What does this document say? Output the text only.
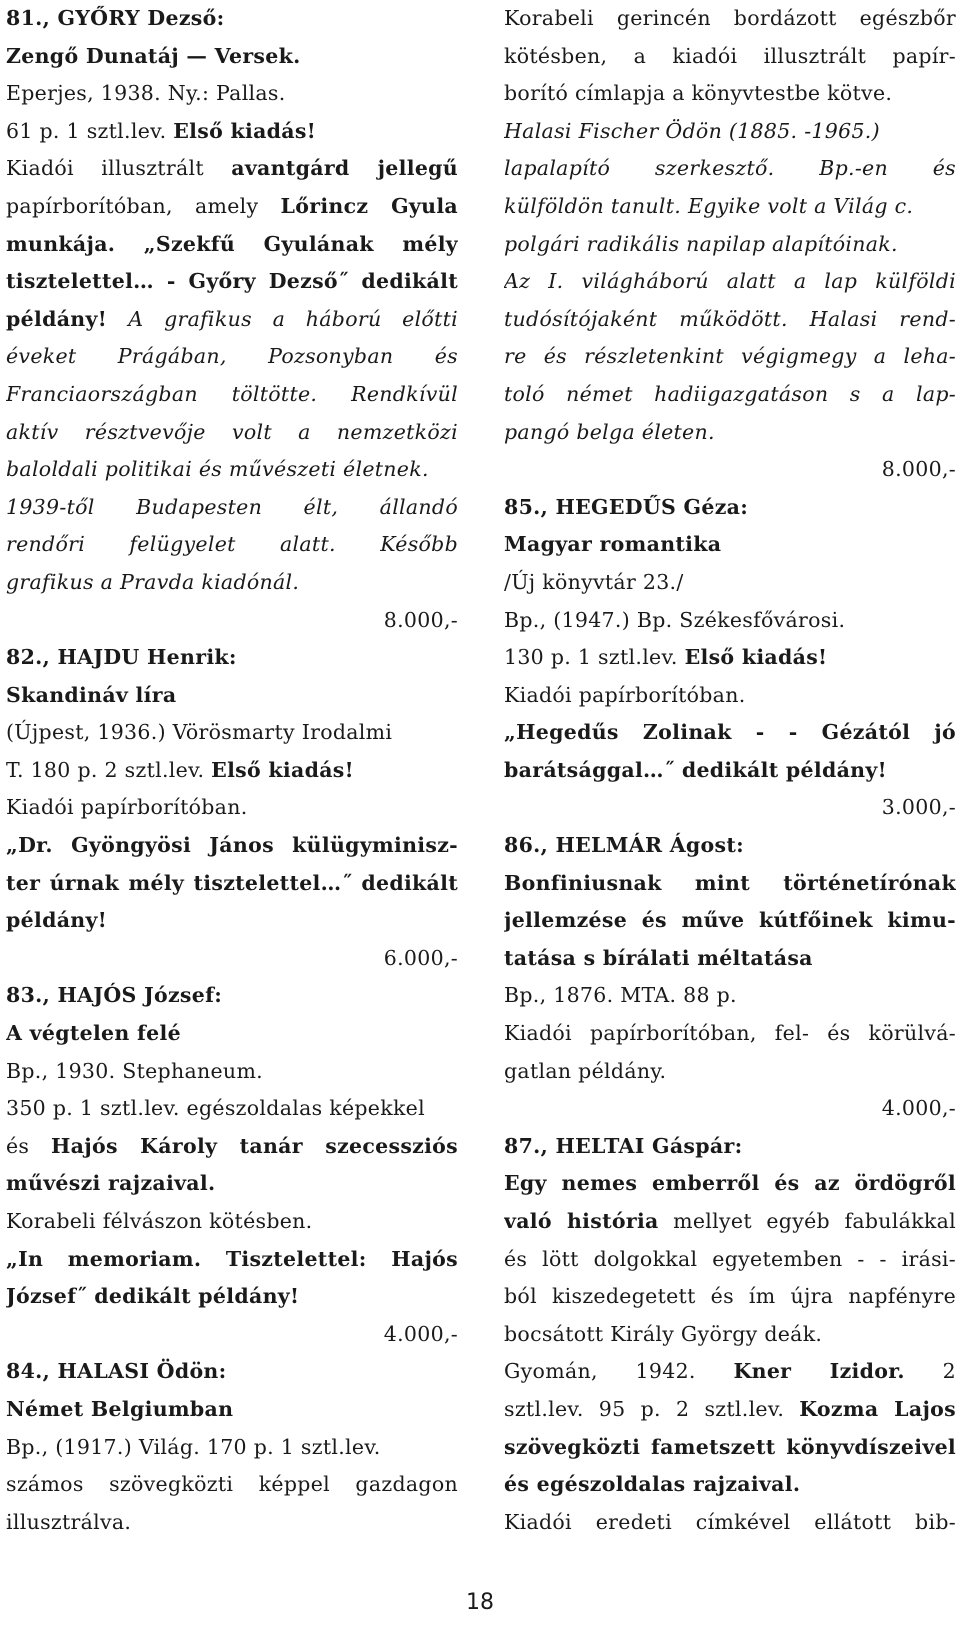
81., GYŐRY Dezső:
Zengő Dunatáj — Versek.
Eperjes, 1938. Ny.: Pallas.
61 p. 1 sztl.lev. Első kiadás!
Kiadói illusztrált avantgárd jellegű
papírborítóban, amely Lőrincz Gyula
munkája. „Szekfű Gyulának mély
tisztelettel… - Győry Dezső˝ dedikált
példány! A grafikus a háború előtti
éveket Prágában, Pozsonyban és
Franciaországban töltötte. Rendkívül
aktív résztvevője volt a nemzetközi
baloldali politikai és művészeti életnek.
1939-től Budapesten élt, állandó
rendőri felügyelet alatt. Később
grafikus a Pravda kiadónál.
8.000,-
82., HAJDU Henrik:
Skandináv líra
(Újpest, 1936.) Vörösmarty Irodalmi
T. 180 p. 2 sztl.lev. Első kiadás!
Kiadói papírborítóban.
„Dr. Gyöngyösi János külügyminisz-
ter úrnak mély tisztelettel…˝ dedikált
példány!
6.000,-
83., HAJÓS József:
A végtelen felé
Bp., 1930. Stephaneum.
350 p. 1 sztl.lev. egészoldalas képekkel
és Hajós Károly tanár szecessziós
művészi rajzaival.
Korabeli félvászon kötésben.
„In memoriam. Tisztelettel: Hajós
József˝ dedikált példány!
4.000,-
84., HALASI Ödön:
Német Belgiumban
Bp., (1917.) Világ. 170 p. 1 sztl.lev.
számos szövegközti képpel gazdagon
illusztrálva.
Korabeli gerincén bordázott egészbőr
kötésben, a kiadói illusztrált papír-
borító címlapja a könyvtestbe kötve.
Halasi Fischer Ödön (1885. -1965.)
lapalapító szerkesztő. Bp.-en és
külföldön tanult. Egyike volt a Világ c.
polgári radikális napilap alapítóinak.
Az I. világháború alatt a lap külföldi
tudósítójaként működött. Halasi rend-
re és részletenkint végigmegy a leha-
toló német hadiigazgatáson s a lap-
pangó belga életen.
8.000,-
85., HEGEDŰS Géza:
Magyar romantika
/Új könyvtár 23./
Bp., (1947.) Bp. Székesfővárosi.
130 p. 1 sztl.lev. Első kiadás!
Kiadói papírborítóban.
„Hegedűs Zolinak - - Gézától jó
barátsággal…˝ dedikált példány!
3.000,-
86., HELMÁR Ágost:
Bonfiniusnak mint történetírónak
jellemzése és műve kútfőinek kimu-
tatása s bírálati méltatása
Bp., 1876. MTA. 88 p.
Kiadói papírborítóban, fel- és körülvá-
gatlan példány.
4.000,-
87., HELTAI Gáspár:
Egy nemes emberről és az ördögről
való história mellyet egyéb fabulákkal
és lött dolgokkal egyetemben - - irási-
ból kiszedegetett és ím újra napfényre
bocsátott Király György deák.
Gyomán, 1942. Kner Izidor. 2
sztl.lev. 95 p. 2 sztl.lev. Kozma Lajos
szövegközti fametszett könyvdíszeivel
és egészoldalas rajzaival.
Kiadói eredeti címkével ellátott bib-
18
